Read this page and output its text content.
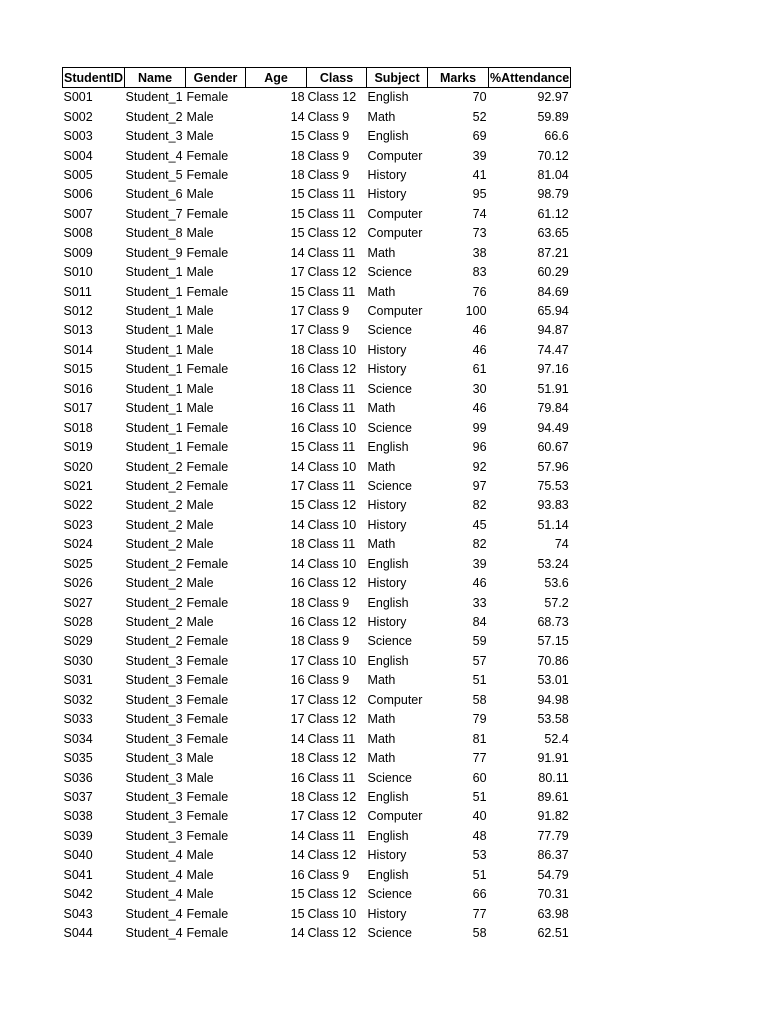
StudentID	Name	Gender	Age	Class	Subject	Marks	Attendance%
S001	Student_1	Female	18	Class 12	English	70	92.97
S002	Student_2	Male	14	Class 9	Math	52	59.89
S003	Student_3	Male	15	Class 9	English	69	66.6
S004	Student_4	Female	18	Class 9	Computer	39	70.12
S005	Student_5	Female	18	Class 9	History	41	81.04
S006	Student_6	Male	15	Class 11	History	95	98.79
S007	Student_7	Female	15	Class 11	Computer	74	61.12
S008	Student_8	Male	15	Class 12	Computer	73	63.65
S009	Student_9	Female	14	Class 11	Math	38	87.21
S010	Student_1	Male	17	Class 12	Science	83	60.29
S011	Student_1	Female	15	Class 11	Math	76	84.69
S012	Student_1	Male	17	Class 9	Computer	100	65.94
S013	Student_1	Male	17	Class 9	Science	46	94.87
S014	Student_1	Male	18	Class 10	History	46	74.47
S015	Student_1	Female	16	Class 12	History	61	97.16
S016	Student_1	Male	18	Class 11	Science	30	51.91
S017	Student_1	Male	16	Class 11	Math	46	79.84
S018	Student_1	Female	16	Class 10	Science	99	94.49
S019	Student_1	Female	15	Class 11	English	96	60.67
S020	Student_2	Female	14	Class 10	Math	92	57.96
S021	Student_2	Female	17	Class 11	Science	97	75.53
S022	Student_2	Male	15	Class 12	History	82	93.83
S023	Student_2	Male	14	Class 10	History	45	51.14
S024	Student_2	Male	18	Class 11	Math	82	74
S025	Student_2	Female	14	Class 10	English	39	53.24
S026	Student_2	Male	16	Class 12	History	46	53.6
S027	Student_2	Female	18	Class 9	English	33	57.2
S028	Student_2	Male	16	Class 12	History	84	68.73
S029	Student_2	Female	18	Class 9	Science	59	57.15
S030	Student_3	Female	17	Class 10	English	57	70.86
S031	Student_3	Female	16	Class 9	Math	51	53.01
S032	Student_3	Female	17	Class 12	Computer	58	94.98
S033	Student_3	Female	17	Class 12	Math	79	53.58
S034	Student_3	Female	14	Class 11	Math	81	52.4
S035	Student_3	Male	18	Class 12	Math	77	91.91
S036	Student_3	Male	16	Class 11	Science	60	80.11
S037	Student_3	Female	18	Class 12	English	51	89.61
S038	Student_3	Female	17	Class 12	Computer	40	91.82
S039	Student_3	Female	14	Class 11	English	48	77.79
S040	Student_4	Male	14	Class 12	History	53	86.37
S041	Student_4	Male	16	Class 9	English	51	54.79
S042	Student_4	Male	15	Class 12	Science	66	70.31
S043	Student_4	Female	15	Class 10	History	77	63.98
S044	Student_4	Female	14	Class 12	Science	58	62.51
